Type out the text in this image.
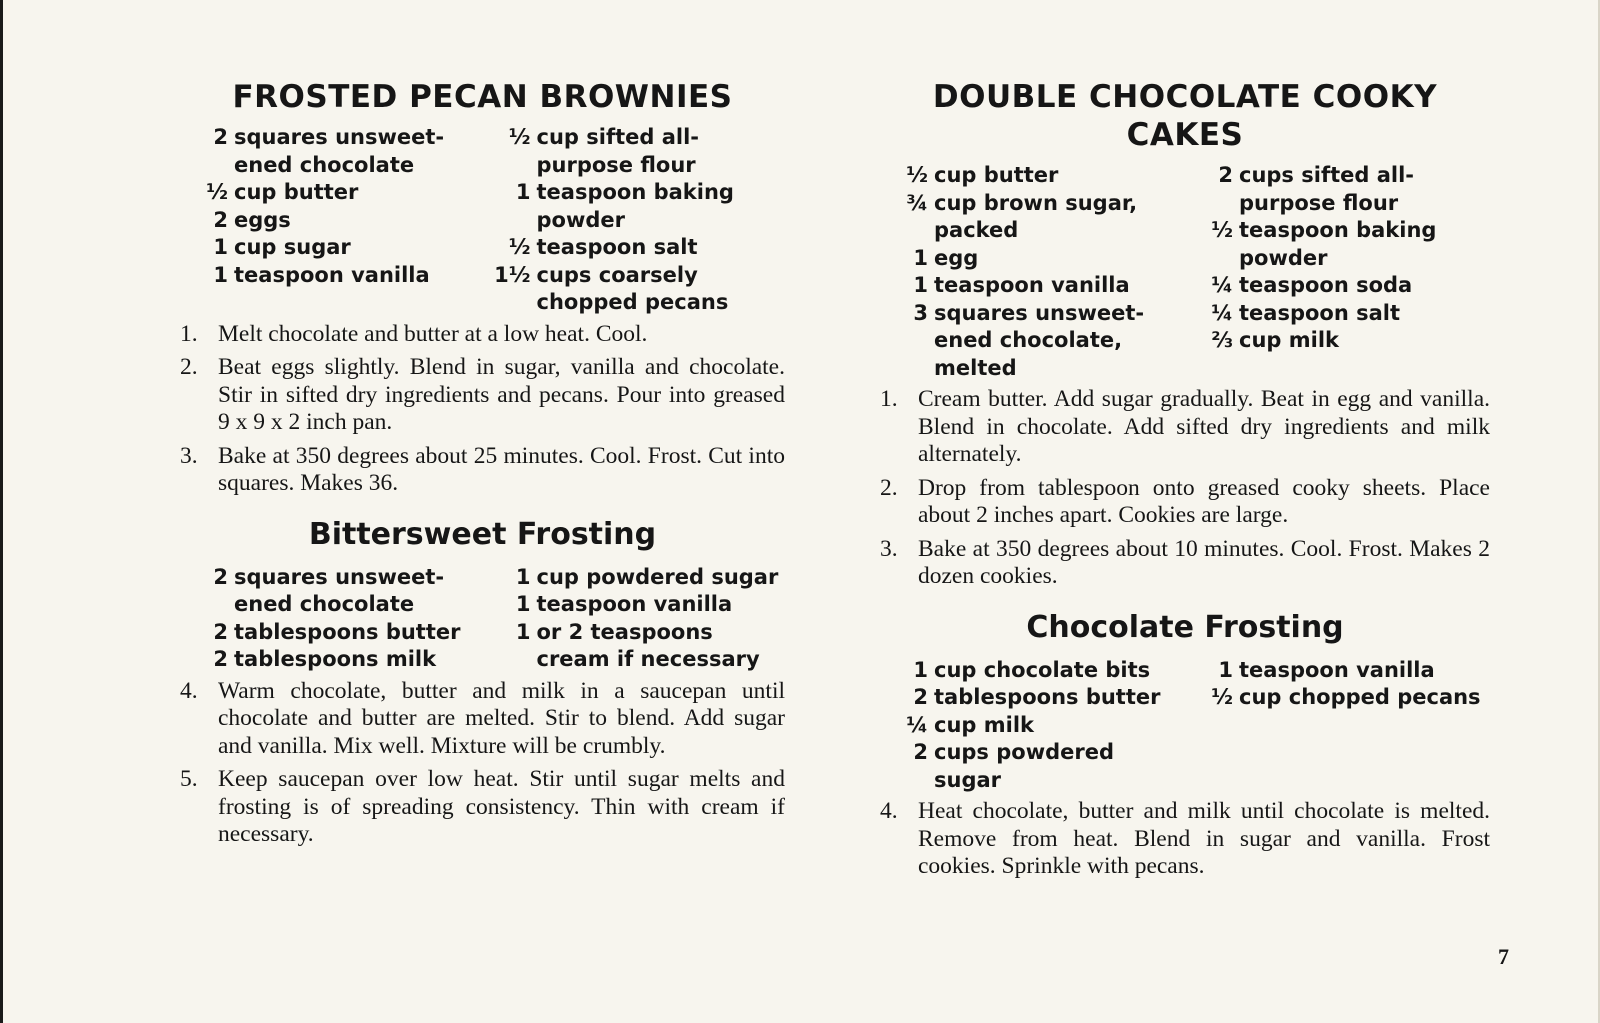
FROSTED PECAN BROWNIES
2 squares unsweet-ened chocolate
½ cup butter
2 eggs
1 cup sugar
1 teaspoon vanilla
½ cup sifted all-purpose flour
1 teaspoon baking powder
½ teaspoon salt
1½ cups coarsely chopped pecans
1. Melt chocolate and butter at a low heat. Cool.
2. Beat eggs slightly. Blend in sugar, vanilla and chocolate. Stir in sifted dry ingredients and pecans. Pour into greased 9 x 9 x 2 inch pan.
3. Bake at 350 degrees about 25 minutes. Cool. Frost. Cut into squares. Makes 36.
Bittersweet Frosting
2 squares unsweet-ened chocolate
2 tablespoons butter
2 tablespoons milk
1 cup powdered sugar
1 teaspoon vanilla
1 or 2 teaspoons cream if necessary
4. Warm chocolate, butter and milk in a saucepan until chocolate and butter are melted. Stir to blend. Add sugar and vanilla. Mix well. Mixture will be crumbly.
5. Keep saucepan over low heat. Stir until sugar melts and frosting is of spreading consistency. Thin with cream if necessary.
DOUBLE CHOCOLATE COOKY
CAKES
½ cup butter
¾ cup brown sugar, packed
1 egg
1 teaspoon vanilla
3 squares unsweet-ened chocolate, melted
2 cups sifted all-purpose flour
½ teaspoon baking powder
¼ teaspoon soda
¼ teaspoon salt
⅔ cup milk
1. Cream butter. Add sugar gradually. Beat in egg and vanilla. Blend in chocolate. Add sifted dry ingredients and milk alternately.
2. Drop from tablespoon onto greased cooky sheets. Place about 2 inches apart. Cookies are large.
3. Bake at 350 degrees about 10 minutes. Cool. Frost. Makes 2 dozen cookies.
Chocolate Frosting
1 cup chocolate bits
2 tablespoons butter
¼ cup milk
2 cups powdered sugar
1 teaspoon vanilla
½ cup chopped pecans
4. Heat chocolate, butter and milk until chocolate is melted. Remove from heat. Blend in sugar and vanilla. Frost cookies. Sprinkle with pecans.
7
